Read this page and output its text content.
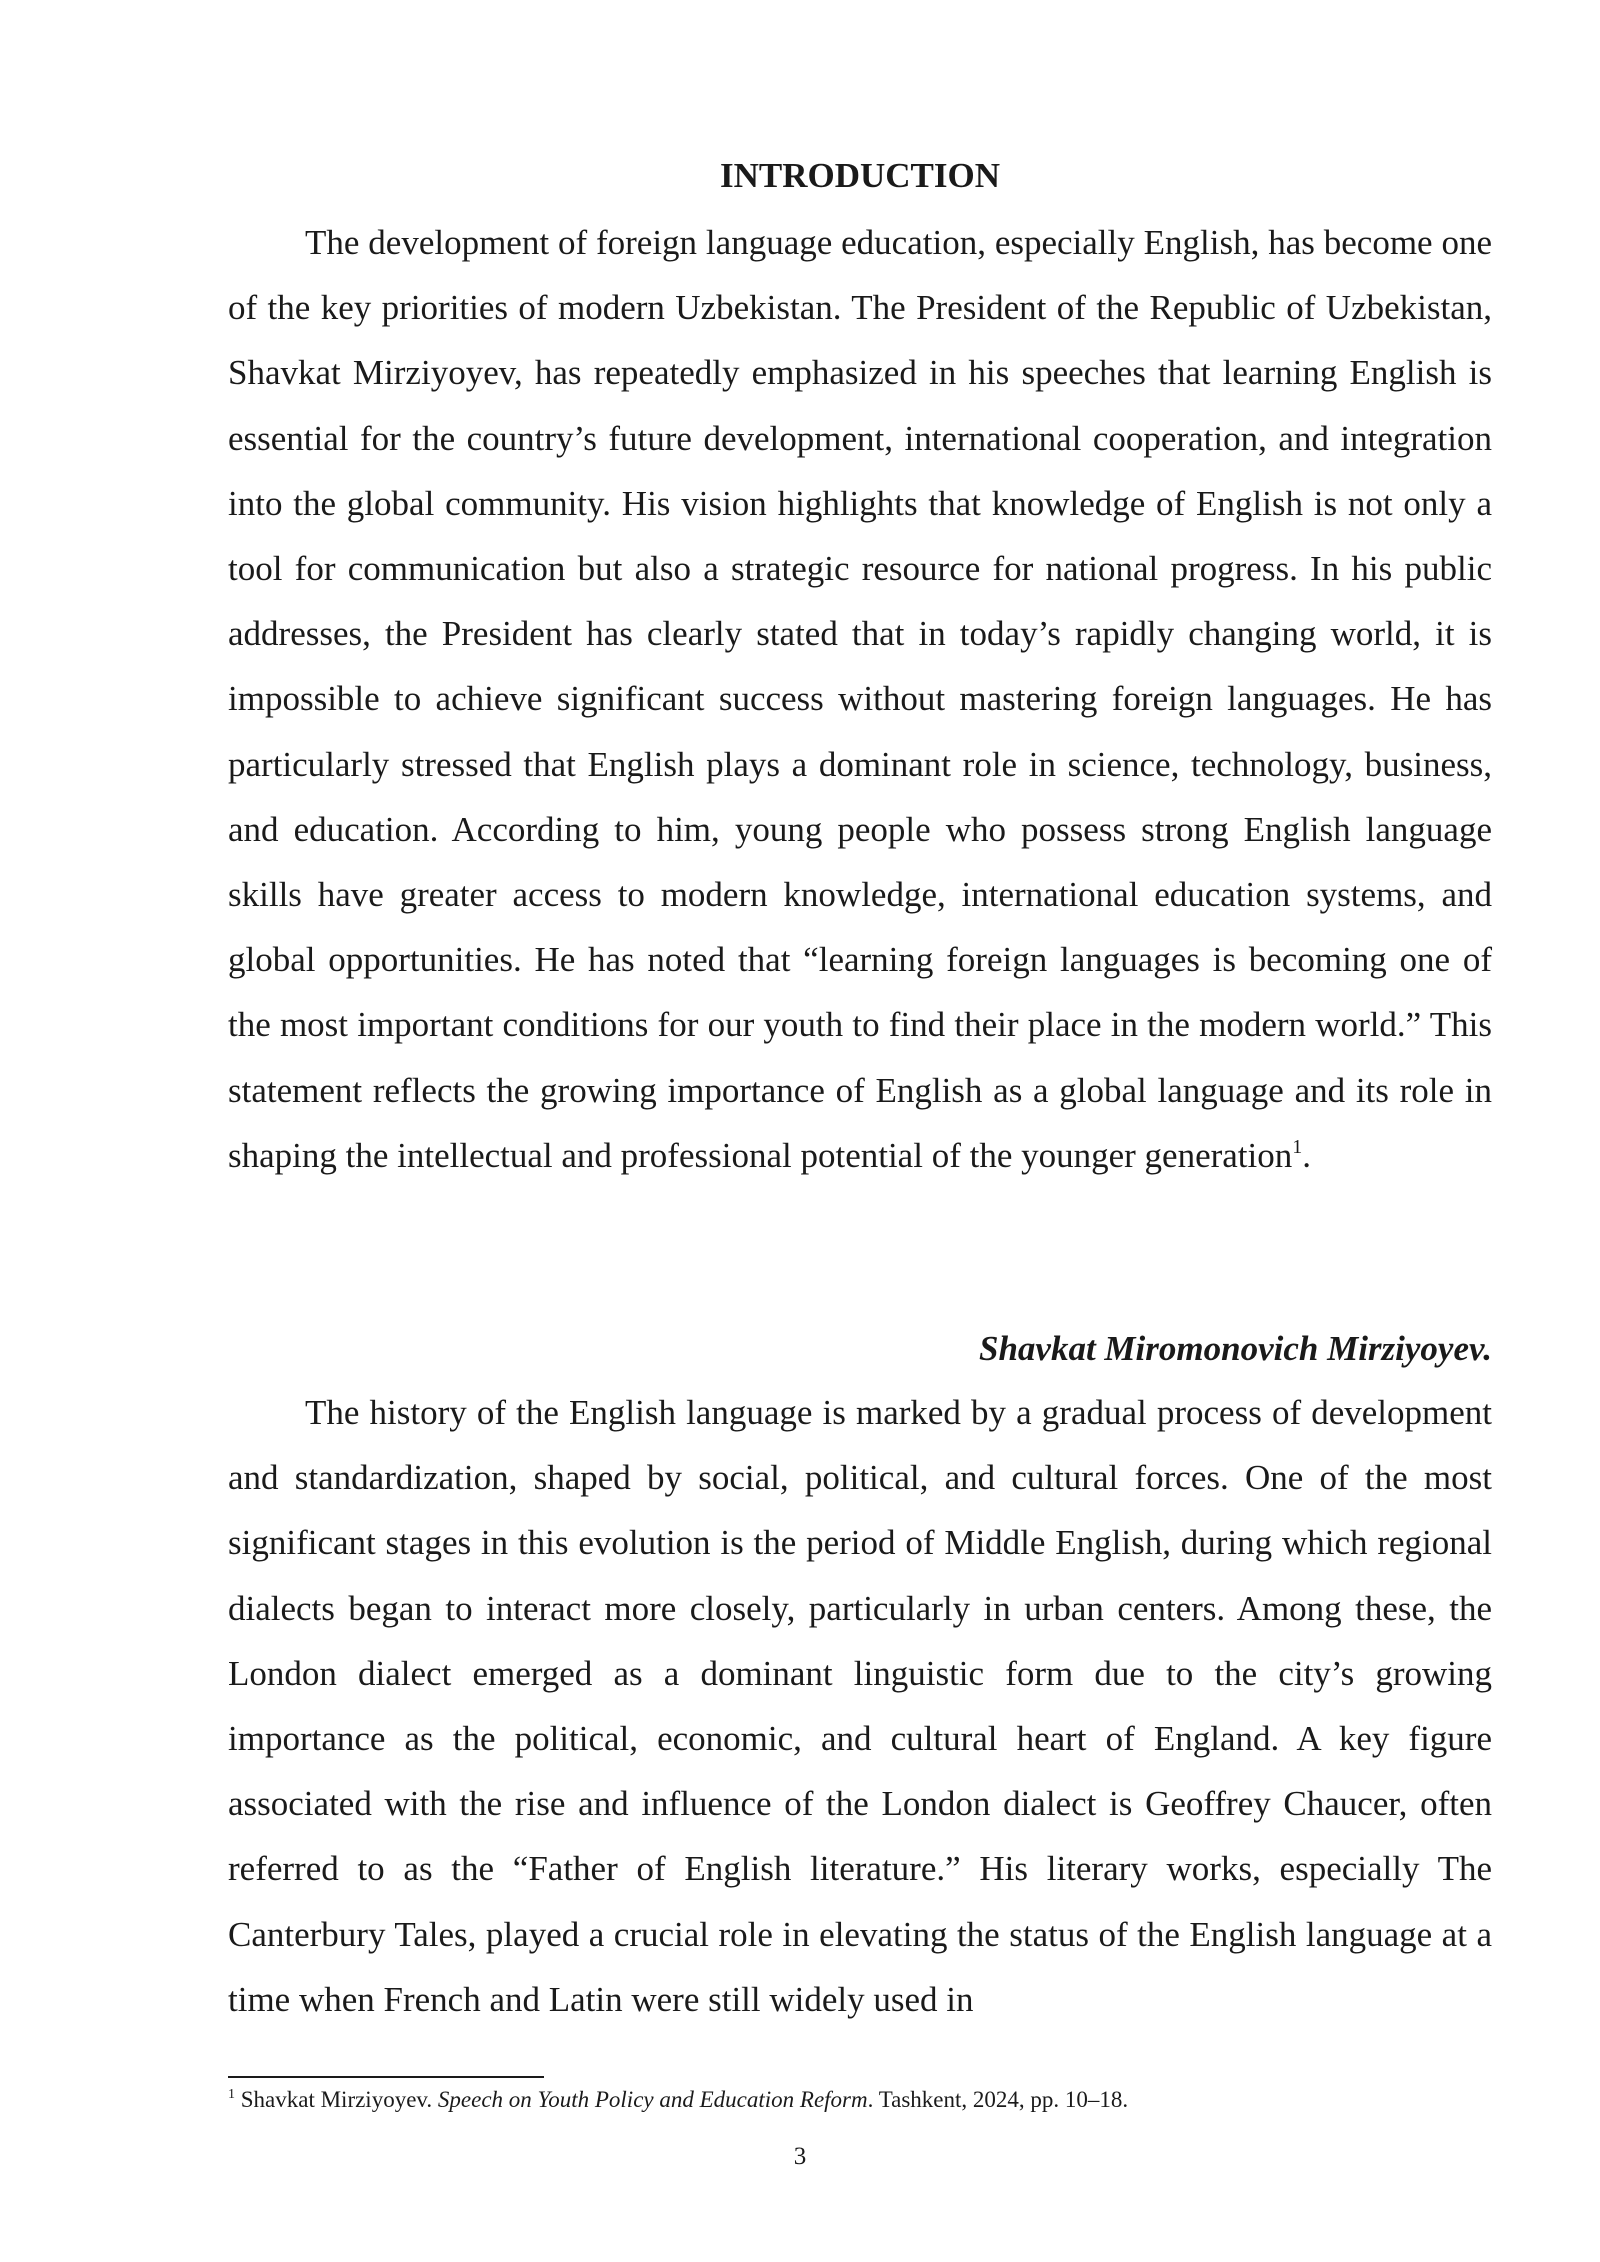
INTRODUCTION

The development of foreign language education, especially English, has become one of the key priorities of modern Uzbekistan. The President of the Republic of Uzbekistan, Shavkat Mirziyoyev, has repeatedly emphasized in his speeches that learning English is essential for the country’s future development, international cooperation, and integration into the global community. His vision highlights that knowledge of English is not only a tool for communication but also a strategic resource for national progress. In his public addresses, the President has clearly stated that in today’s rapidly changing world, it is impossible to achieve significant success without mastering foreign languages. He has particularly stressed that English plays a dominant role in science, technology, business, and education. According to him, young people who possess strong English language skills have greater access to modern knowledge, international education systems, and global opportunities. He has noted that “learning foreign languages is becoming one of the most important conditions for our youth to find their place in the modern world.” This statement reflects the growing importance of English as a global language and its role in shaping the intellectual and professional potential of the younger generation$^1$.

Shavkat Miromonovich Mirziyoyev.

The history of the English language is marked by a gradual process of development and standardization, shaped by social, political, and cultural forces. One of the most significant stages in this evolution is the period of Middle English, during which regional dialects began to interact more closely, particularly in urban centers. Among these, the London dialect emerged as a dominant linguistic form due to the city’s growing importance as the political, economic, and cultural heart of England. A key figure associated with the rise and influence of the London dialect is Geoffrey Chaucer, often referred to as the “Father of English literature.” His literary works, especially The Canterbury Tales, played a crucial role in elevating the status of the English language at a time when French and Latin were still widely used in

$^1$ Shavkat Mirziyoyev. Speech on Youth Policy and Education Reform. Tashkent, 2024, pp. 10–18.

3
